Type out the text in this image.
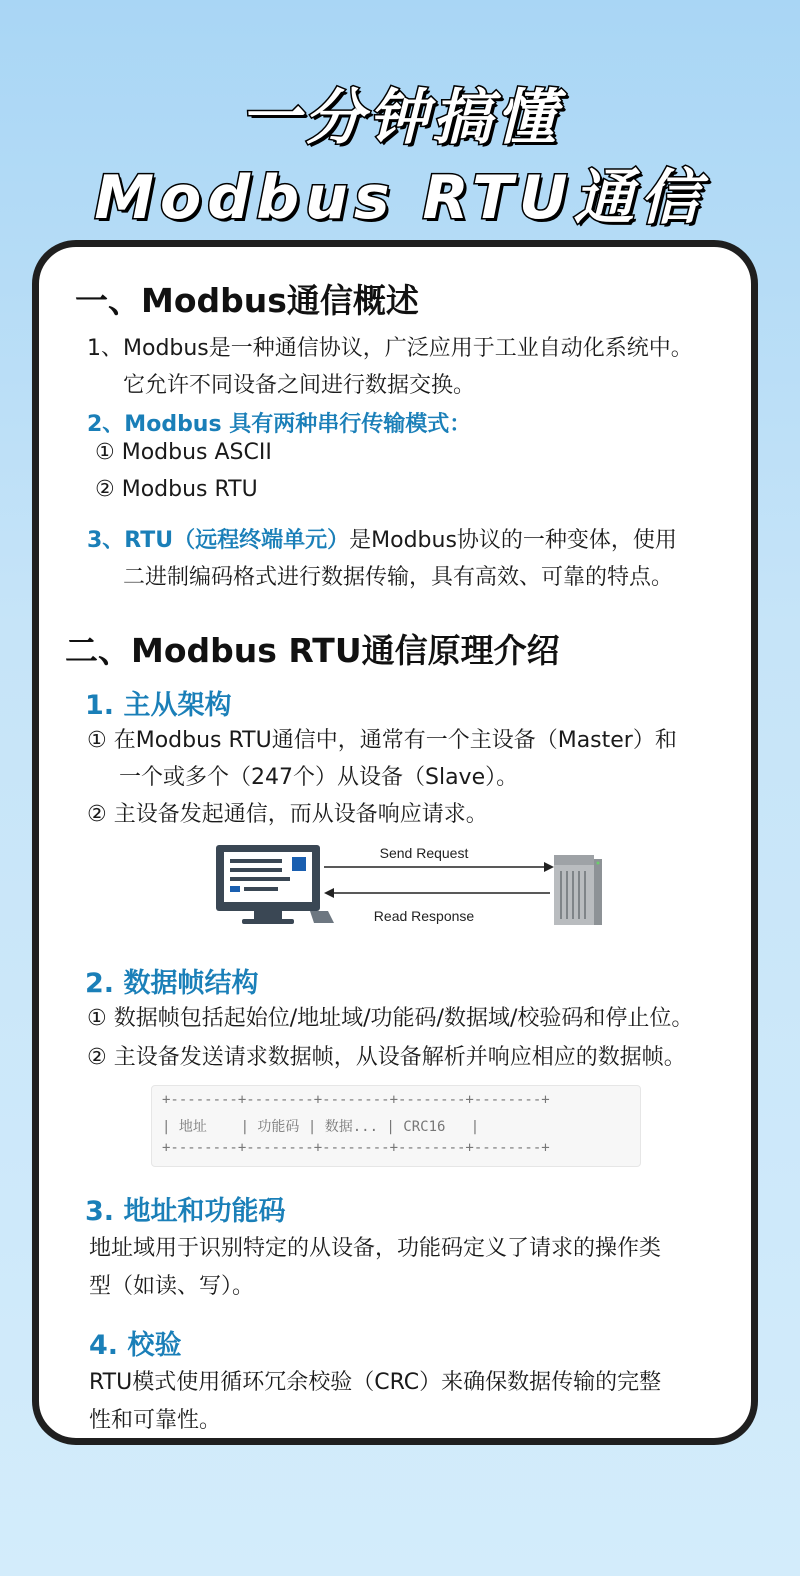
一分钟搞懂
Modbus RTU通信
一、Modbus通信概述
1、Modbus是一种通信协议，广泛应用于工业自动化系统中。
它允许不同设备之间进行数据交换。
2、Modbus 具有两种串行传输模式：
① Modbus ASCII
② Modbus RTU
3、RTU（远程终端单元）是Modbus协议的一种变体，使用
二进制编码格式进行数据传输，具有高效、可靠的特点。
二、Modbus RTU通信原理介绍
1. 主从架构
① 在Modbus RTU通信中，通常有一个主设备（Master）和
一个或多个（247个）从设备（Slave）。
② 主设备发起通信，而从设备响应请求。
Send Request
Read Response
2. 数据帧结构
① 数据帧包括起始位/地址域/功能码/数据域/校验码和停止位。
② 主设备发送请求数据帧，从设备解析并响应相应的数据帧。
+--------+--------+--------+--------+--------+
| 地址    | 功能码 | 数据... | CRC16   |
+--------+--------+--------+--------+--------+
3. 地址和功能码
地址域用于识别特定的从设备，功能码定义了请求的操作类
型（如读、写）。
4. 校验
RTU模式使用循环冗余校验（CRC）来确保数据传输的完整
性和可靠性。
